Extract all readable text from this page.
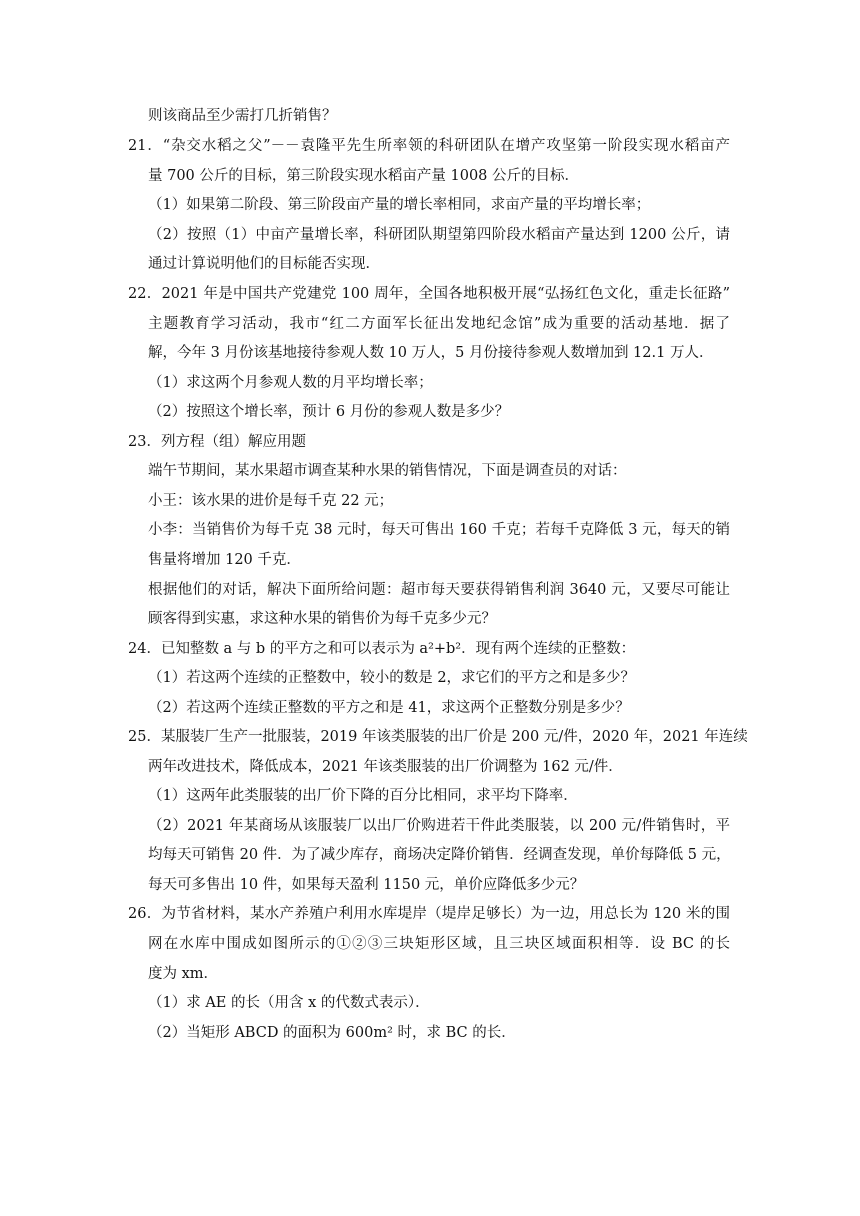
则该商品至少需打几折销售？
21．“杂交水稻之父”－－袁隆平先生所率领的科研团队在增产攻坚第一阶段实现水稻亩产
量 700 公斤的目标，第三阶段实现水稻亩产量 1008 公斤的目标．
（1）如果第二阶段、第三阶段亩产量的增长率相同，求亩产量的平均增长率；
（2）按照（1）中亩产量增长率，科研团队期望第四阶段水稻亩产量达到 1200 公斤，请
通过计算说明他们的目标能否实现．
22．2021 年是中国共产党建党 100 周年，全国各地积极开展“弘扬红色文化，重走长征路”
主题教育学习活动，我市“红二方面军长征出发地纪念馆”成为重要的活动基地．据了
解，今年 3 月份该基地接待参观人数 10 万人，5 月份接待参观人数增加到 12.1 万人．
（1）求这两个月参观人数的月平均增长率；
（2）按照这个增长率，预计 6 月份的参观人数是多少？
23．列方程（组）解应用题
端午节期间，某水果超市调查某种水果的销售情况，下面是调查员的对话：
小王：该水果的进价是每千克 22 元；
小李：当销售价为每千克 38 元时，每天可售出 160 千克；若每千克降低 3 元，每天的销
售量将增加 120 千克．
根据他们的对话，解决下面所给问题：超市每天要获得销售利润 3640 元，又要尽可能让
顾客得到实惠，求这种水果的销售价为每千克多少元？
24．已知整数 a 与 b 的平方之和可以表示为 a²+b²．现有两个连续的正整数：
（1）若这两个连续的正整数中，较小的数是 2，求它们的平方之和是多少？
（2）若这两个连续正整数的平方之和是 41，求这两个正整数分别是多少？
25．某服装厂生产一批服装，2019 年该类服装的出厂价是 200 元/件，2020 年，2021 年连续
两年改进技术，降低成本，2021 年该类服装的出厂价调整为 162 元/件．
（1）这两年此类服装的出厂价下降的百分比相同，求平均下降率．
（2）2021 年某商场从该服装厂以出厂价购进若干件此类服装，以 200 元/件销售时，平
均每天可销售 20 件．为了减少库存，商场决定降价销售．经调查发现，单价每降低 5 元，
每天可多售出 10 件，如果每天盈利 1150 元，单价应降低多少元？
26．为节省材料，某水产养殖户利用水库堤岸（堤岸足够长）为一边，用总长为 120 米的围
网在水库中围成如图所示的①②③三块矩形区域，且三块区域面积相等．设 BC 的长
度为 xm．
（1）求 AE 的长（用含 x 的代数式表示）．
（2）当矩形 ABCD 的面积为 600m² 时，求 BC 的长．
